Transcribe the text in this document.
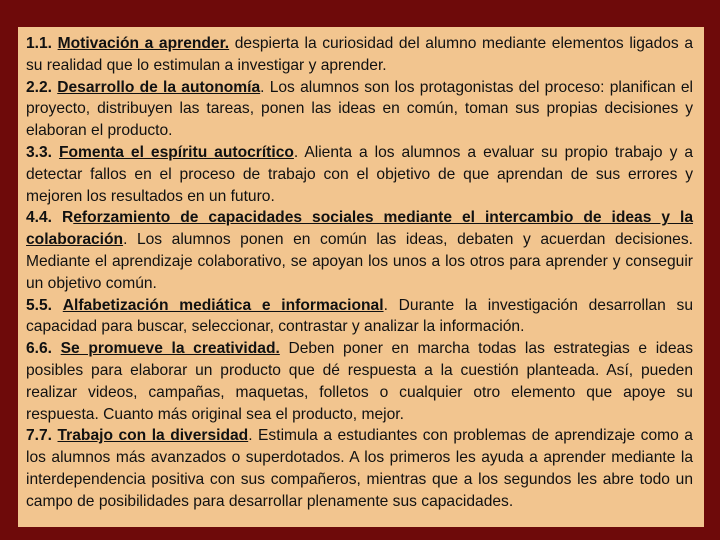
1.1. Motivación a aprender. despierta la curiosidad del alumno mediante elementos ligados a su realidad que lo estimulan a investigar y aprender.

2.2. Desarrollo de la autonomía. Los alumnos son los protagonistas del proceso: planifican el proyecto, distribuyen las tareas, ponen las ideas en común, toman sus propias decisiones y elaboran el producto.

3.3. Fomenta el espíritu autocrítico. Alienta a los alumnos a evaluar su propio trabajo y a detectar fallos en el proceso de trabajo con el objetivo de que aprendan de sus errores y mejoren los resultados en un futuro.

4.4. Reforzamiento de capacidades sociales mediante el intercambio de ideas y la colaboración. Los alumnos ponen en común las ideas, debaten y acuerdan decisiones. Mediante el aprendizaje colaborativo, se apoyan los unos a los otros para aprender y conseguir un objetivo común.

5.5. Alfabetización mediática e informacional. Durante la investigación desarrollan su capacidad para buscar, seleccionar, contrastar y analizar la información.

6.6. Se promueve la creatividad. Deben poner en marcha todas las estrategias e ideas posibles para elaborar un producto que dé respuesta a la cuestión planteada. Así, pueden realizar videos, campañas, maquetas, folletos o cualquier otro elemento que apoye su respuesta. Cuanto más original sea el producto, mejor.

7.7. Trabajo con la diversidad. Estimula a estudiantes con problemas de aprendizaje como a los alumnos más avanzados o superdotados. A los primeros les ayuda a aprender mediante la interdependencia positiva con sus compañeros, mientras que a los segundos les abre todo un campo de posibilidades para desarrollar plenamente sus capacidades.
